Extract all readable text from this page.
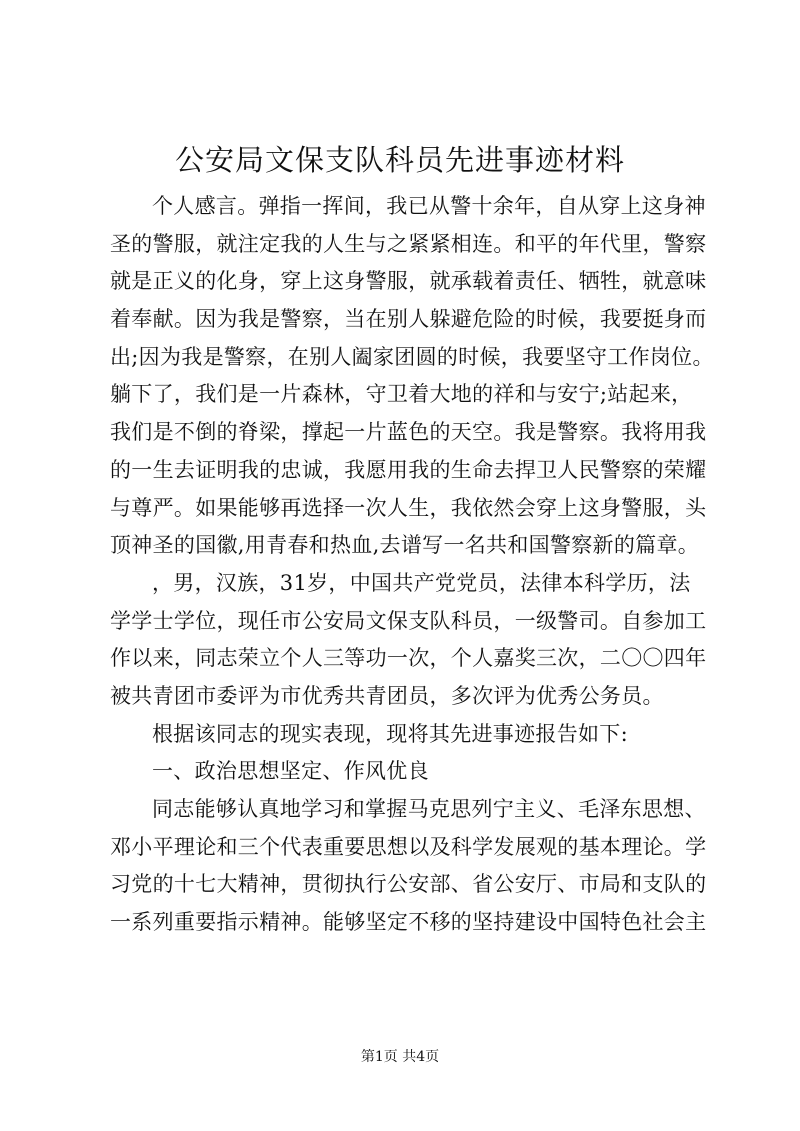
公安局文保支队科员先进事迹材料
个人感言。弹指一挥间，我已从警十余年，自从穿上这身神
圣的警服，就注定我的人生与之紧紧相连。和平的年代里，警察
就是正义的化身，穿上这身警服，就承载着责任、牺牲，就意味
着奉献。因为我是警察，当在别人躲避危险的时候，我要挺身而
出;因为我是警察，在别人阖家团圆的时候，我要坚守工作岗位。
躺下了，我们是一片森林，守卫着大地的祥和与安宁;站起来，
我们是不倒的脊梁，撑起一片蓝色的天空。我是警察。我将用我
的一生去证明我的忠诚，我愿用我的生命去捍卫人民警察的荣耀
与尊严。如果能够再选择一次人生，我依然会穿上这身警服，头
顶神圣的国徽,用青春和热血,去谱写一名共和国警察新的篇章。
，男，汉族，31岁，中国共产党党员，法律本科学历，法
学学士学位，现任市公安局文保支队科员，一级警司。自参加工
作以来，同志荣立个人三等功一次，个人嘉奖三次，二〇〇四年
被共青团市委评为市优秀共青团员，多次评为优秀公务员。
根据该同志的现实表现，现将其先进事迹报告如下:
一、政治思想坚定、作风优良
同志能够认真地学习和掌握马克思列宁主义、毛泽东思想、
邓小平理论和三个代表重要思想以及科学发展观的基本理论。学
习党的十七大精神，贯彻执行公安部、省公安厅、市局和支队的
一系列重要指示精神。能够坚定不移的坚持建设中国特色社会主
第1页 共4页
